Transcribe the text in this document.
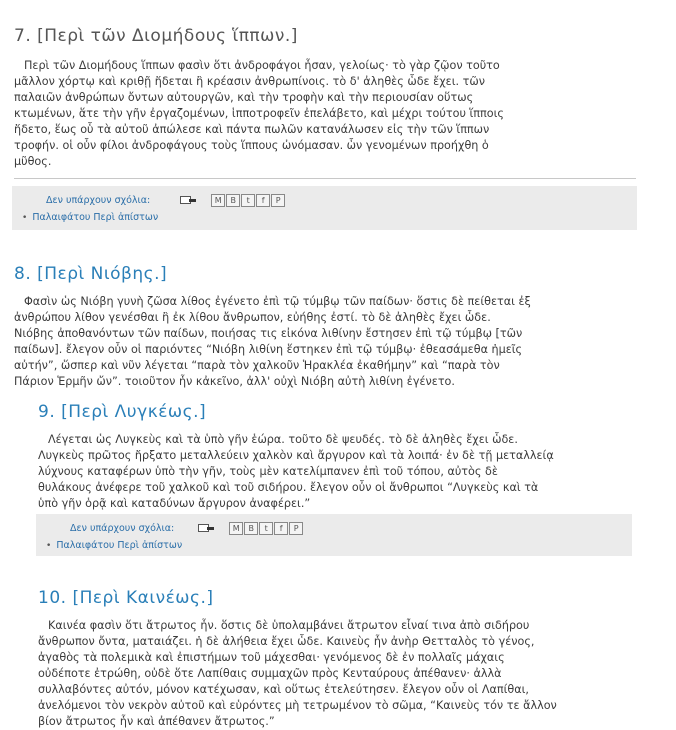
7. [Περὶ τῶν Διομήδους ἵππων.]

Περὶ τῶν Διομήδους ἵππων φασὶν ὅτι ἀνδροφάγοι ἦσαν, γελοίως· τὸ γὰρ ζῷον τοῦτο

μᾶλλον χόρτῳ καὶ κριθῇ ἥδεται ἢ κρέασιν ἀνθρωπίνοις. τὸ δ' ἀληθὲς ὧδε ἔχει. τῶν

παλαιῶν ἀνθρώπων ὄντων αὐτουργῶν, καὶ τὴν τροφὴν καὶ τὴν περιουσίαν οὕτως

κτωμένων, ἅτε τὴν γῆν ἐργαζομένων, ἱπποτροφεῖν ἐπελάβετο, καὶ μέχρι τούτου ἵπποις

ἥδετο, ἕως οὗ τὰ αὐτοῦ ἀπώλεσε καὶ πάντα πωλῶν κατανάλωσεν εἰς τὴν τῶν ἵππων

τροφήν. οἱ οὖν φίλοι ἀνδροφάγους τοὺς ἵππους ὠνόμασαν. ὧν γενομένων προήχθη ὁ

μῦθος.

Δεν υπάρχουν σχόλια:	M	B	t	f	P
• Παλαιφάτου Περὶ ἀπίστων
8. [Περὶ Νιόβης.]

Φασὶν ὡς Νιόβη γυνὴ ζῶσα λίθος ἐγένετο ἐπὶ τῷ τύμβῳ τῶν παίδων· ὅστις δὲ πείθεται ἐξ

ἀνθρώπου λίθον γενέσθαι ἢ ἐκ λίθου ἄνθρωπον, εὐήθης ἐστί. τὸ δὲ ἀληθὲς ἔχει ὧδε.

Νιόβης ἀποθανόντων τῶν παίδων, ποιήσας τις εἰκόνα λιθίνην ἔστησεν ἐπὶ τῷ τύμβῳ [τῶν

παίδων]. ἔλεγον οὖν οἱ παριόντες “Νιόβη λιθίνη ἕστηκεν ἐπὶ τῷ τύμβῳ· ἐθεασάμεθα ἡμεῖς

αὐτήν”, ὥσπερ καὶ νῦν λέγεται “παρὰ τὸν χαλκοῦν Ἡρακλέα ἐκαθήμην” καὶ “παρὰ τὸν

Πάριον Ἑρμῆν ὤν”. τοιοῦτον ἦν κἀκεῖνο, ἀλλ' οὐχὶ Νιόβη αὐτὴ λιθίνη ἐγένετο.

9. [Περὶ Λυγκέως.]

Λέγεται ὡς Λυγκεὺς καὶ τὰ ὑπὸ γῆν ἑώρα. τοῦτο δὲ ψευδές. τὸ δὲ ἀληθὲς ἔχει ὧδε.

Λυγκεὺς πρῶτος ἤρξατο μεταλλεύειν χαλκὸν καὶ ἄργυρον καὶ τὰ λοιπά· ἐν δὲ τῇ μεταλλείᾳ

λύχνους καταφέρων ὑπὸ τὴν γῆν, τοὺς μὲν κατελίμπανεν ἐπὶ τοῦ τόπου, αὐτὸς δὲ

θυλάκους ἀνέφερε τοῦ χαλκοῦ καὶ τοῦ σιδήρου. ἔλεγον οὖν οἱ ἄνθρωποι “Λυγκεὺς καὶ τὰ

ὑπὸ γῆν ὁρᾷ καὶ καταδύνων ἄργυρον ἀναφέρει.”

Δεν υπάρχουν σχόλια:	M	B	t	f	P
• Παλαιφάτου Περὶ ἀπίστων
10. [Περὶ Καινέως.]

Καινέα φασὶν ὅτι ἄτρωτος ἦν. ὅστις δὲ ὑπολαμβάνει ἄτρωτον εἶναί τινα ἀπὸ σιδήρου

ἄνθρωπον ὄντα, ματαιάζει. ἡ δὲ ἀλήθεια ἔχει ὧδε. Καινεὺς ἦν ἀνὴρ Θετταλὸς τὸ γένος,

ἀγαθὸς τὰ πολεμικὰ καὶ ἐπιστήμων τοῦ μάχεσθαι· γενόμενος δὲ ἐν πολλαῖς μάχαις

οὐδέποτε ἐτρώθη, οὐδὲ ὅτε Λαπίθαις συμμαχῶν πρὸς Κενταύρους ἀπέθανεν· ἀλλὰ

συλλαβόντες αὐτόν, μόνον κατέχωσαν, καὶ οὕτως ἐτελεύτησεν. ἔλεγον οὖν οἱ Λαπίθαι,

ἀνελόμενοι τὸν νεκρὸν αὐτοῦ καὶ εὑρόντες μὴ τετρωμένον τὸ σῶμα, “Καινεὺς τόν τε ἄλλον

βίον ἄτρωτος ἦν καὶ ἀπέθανεν ἄτρωτος.”
